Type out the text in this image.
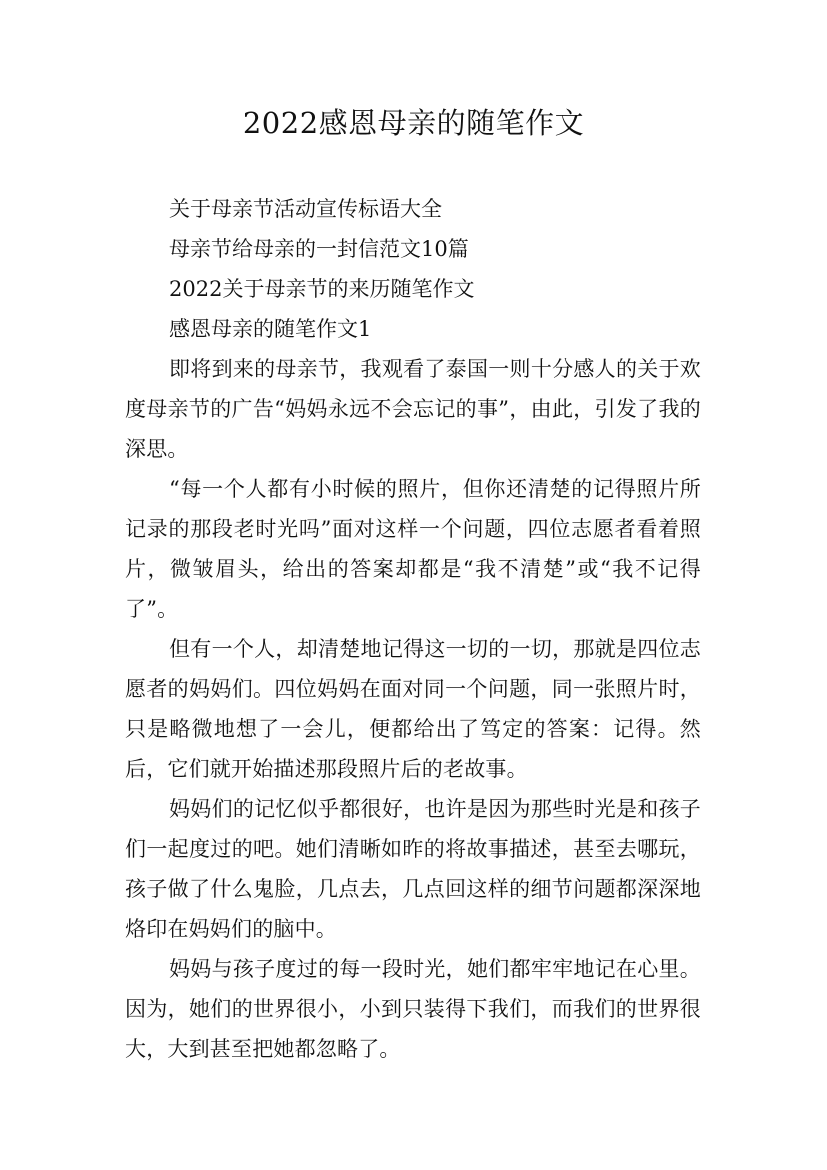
2022感恩母亲的随笔作文

关于母亲节活动宣传标语大全

母亲节给母亲的一封信范文10篇

2022关于母亲节的来历随笔作文

感恩母亲的随笔作文1

即将到来的母亲节，我观看了泰国一则十分感人的关于欢度母亲节的广告“妈妈永远不会忘记的事”，由此，引发了我的深思。

“每一个人都有小时候的照片，但你还清楚的记得照片所记录的那段老时光吗”面对这样一个问题，四位志愿者看着照片，微皱眉头，给出的答案却都是“我不清楚”或“我不记得了”。

但有一个人，却清楚地记得这一切的一切，那就是四位志愿者的妈妈们。四位妈妈在面对同一个问题，同一张照片时，只是略微地想了一会儿，便都给出了笃定的答案：记得。然后，它们就开始描述那段照片后的老故事。

妈妈们的记忆似乎都很好，也许是因为那些时光是和孩子们一起度过的吧。她们清晰如昨的将故事描述，甚至去哪玩，孩子做了什么鬼脸，几点去，几点回这样的细节问题都深深地烙印在妈妈们的脑中。

妈妈与孩子度过的每一段时光，她们都牢牢地记在心里。因为，她们的世界很小，小到只装得下我们，而我们的世界很大，大到甚至把她都忽略了。
